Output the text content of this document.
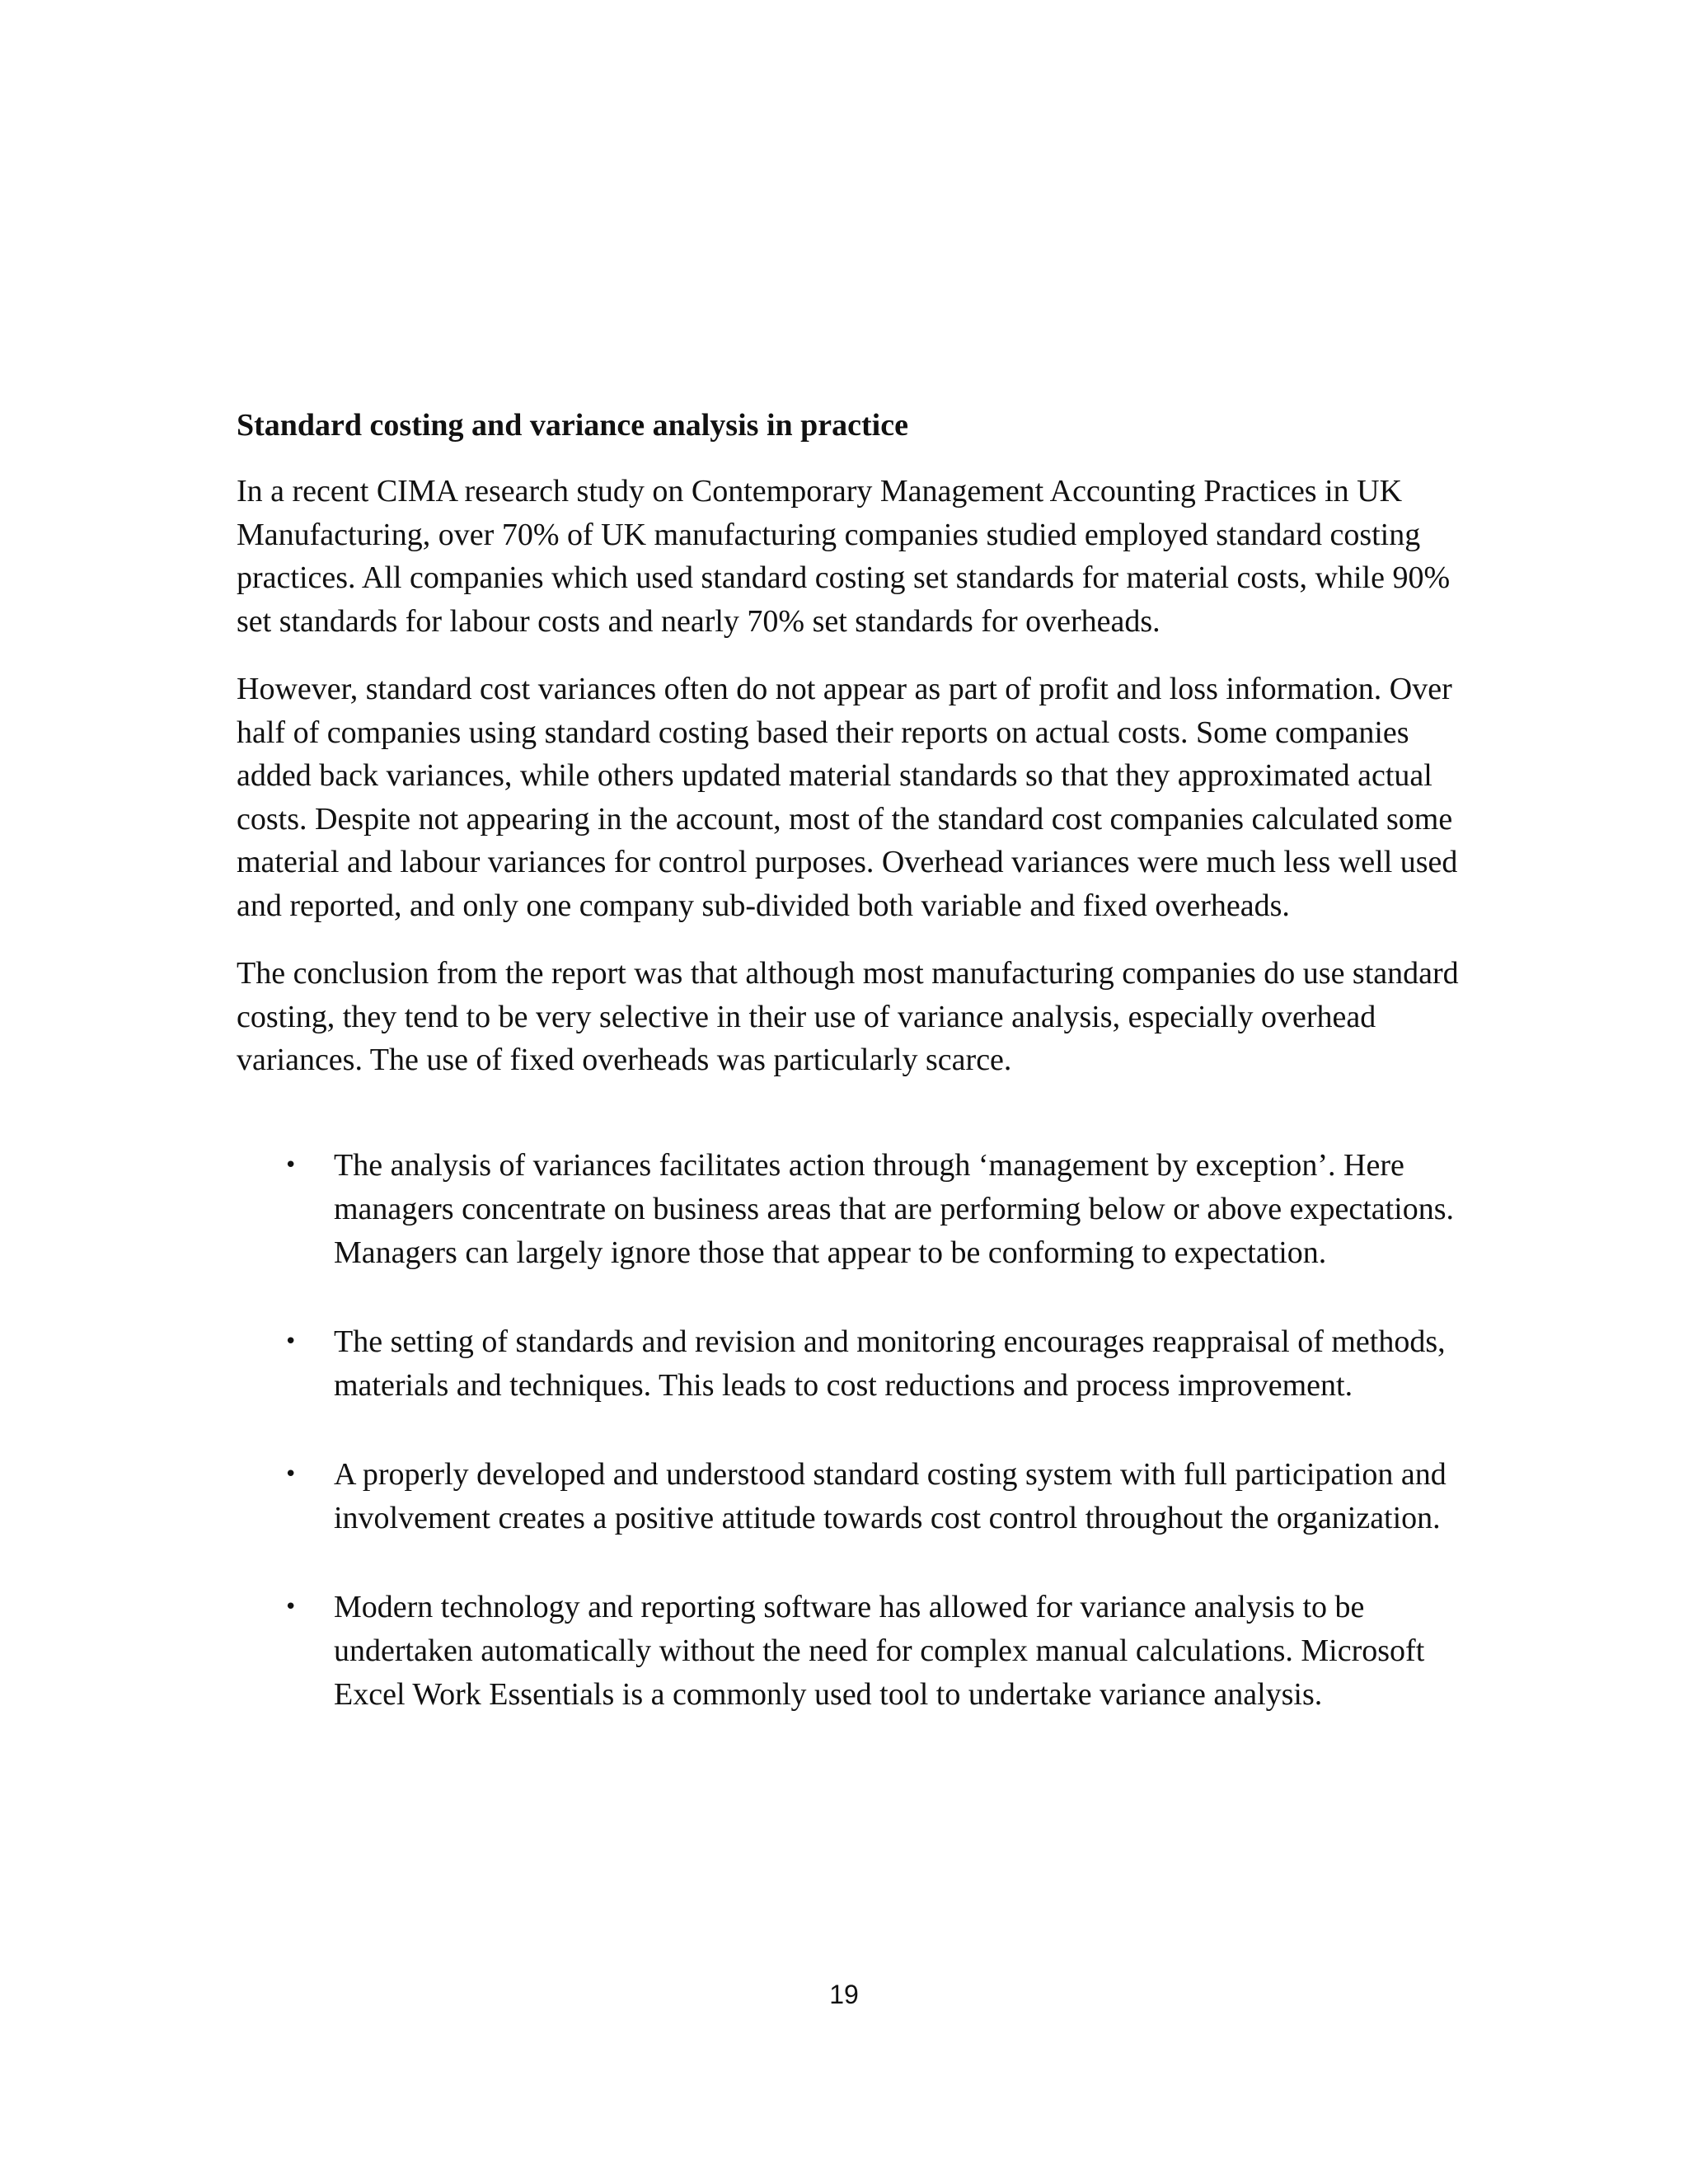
Standard costing and variance analysis in practice

In a recent CIMA research study on Contemporary Management Accounting Practices in UK Manufacturing, over 70% of UK manufacturing companies studied employed standard costing practices. All companies which used standard costing set standards for material costs, while 90% set standards for labour costs and nearly 70% set standards for overheads.

However, standard cost variances often do not appear as part of profit and loss information. Over half of companies using standard costing based their reports on actual costs. Some companies added back variances, while others updated material standards so that they approximated actual costs. Despite not appearing in the account, most of the standard cost companies calculated some material and labour variances for control purposes. Overhead variances were much less well used and reported, and only one company sub-divided both variable and fixed overheads.

The conclusion from the report was that although most manufacturing companies do use standard costing, they tend to be very selective in their use of variance analysis, especially overhead variances. The use of fixed overheads was particularly scarce.

• The analysis of variances facilitates action through ‘management by exception’. Here managers concentrate on business areas that are performing below or above expectations. Managers can largely ignore those that appear to be conforming to expectation.
• The setting of standards and revision and monitoring encourages reappraisal of methods, materials and techniques. This leads to cost reductions and process improvement.
• A properly developed and understood standard costing system with full participation and involvement creates a positive attitude towards cost control throughout the organization.
• Modern technology and reporting software has allowed for variance analysis to be undertaken automatically without the need for complex manual calculations. Microsoft Excel Work Essentials is a commonly used tool to undertake variance analysis.
19
